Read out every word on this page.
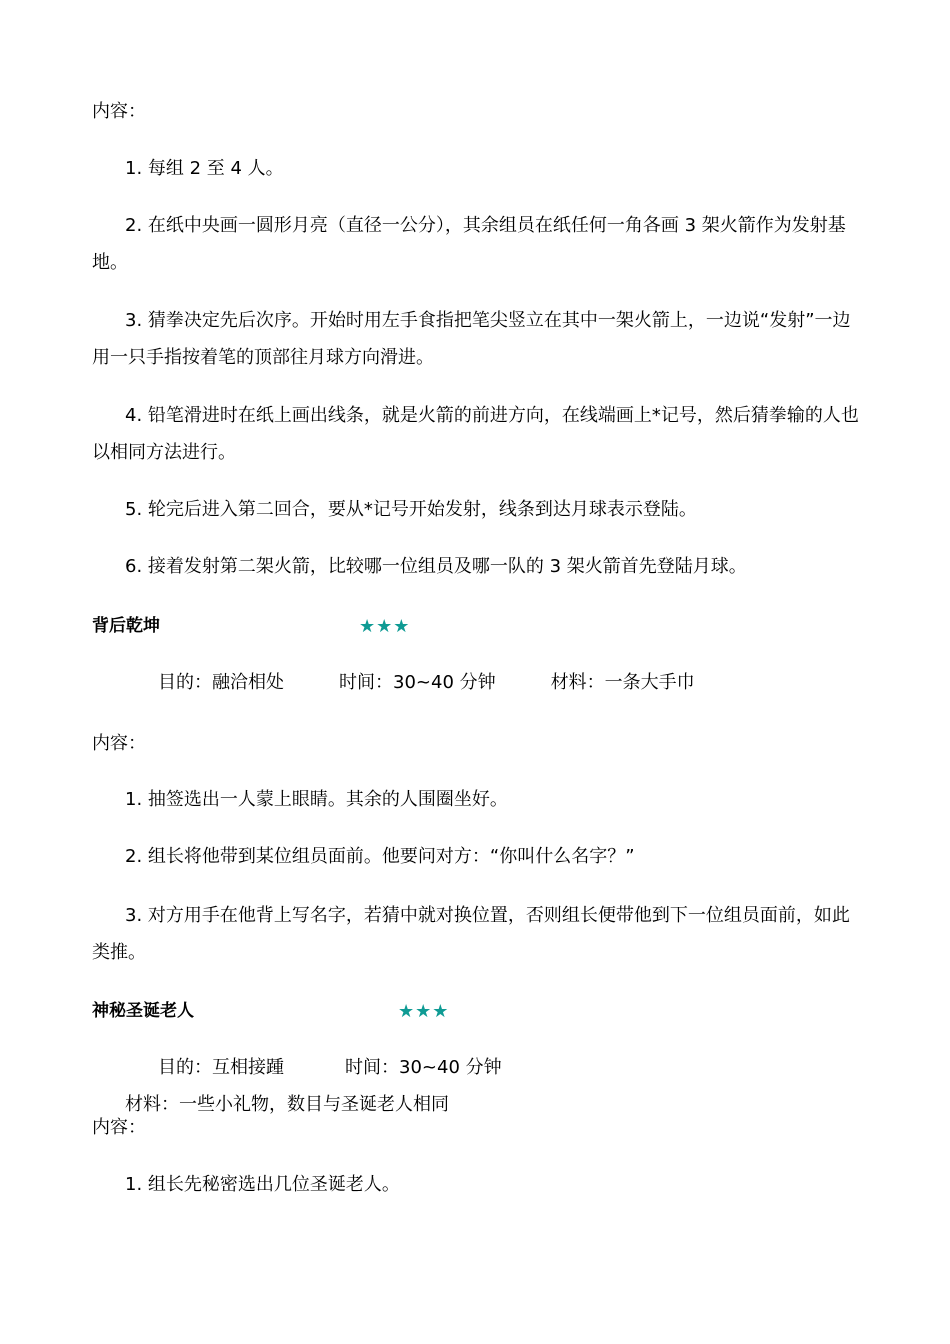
内容：

1. 每组 2 至 4 人。

2. 在纸中央画一圆形月亮（直径一公分），其余组员在纸任何一角各画 3 架火箭作为发射基地。

3. 猜拳决定先后次序。开始时用左手食指把笔尖竖立在其中一架火箭上，一边说“发射”一边用一只手指按着笔的顶部往月球方向滑进。

4. 铅笔滑进时在纸上画出线条，就是火箭的前进方向，在线端画上*记号，然后猜拳输的人也以相同方法进行。

5. 轮完后进入第二回合，要从*记号开始发射，线条到达月球表示登陆。

6. 接着发射第二架火箭，比较哪一位组员及哪一队的 3 架火箭首先登陆月球。

背后乾坤	★★★

目的：融洽相处	时间：30~40 分钟	材料：一条大手巾

内容：

1. 抽签选出一人蒙上眼睛。其余的人围圈坐好。

2. 组长将他带到某位组员面前。他要问对方：“你叫什么名字？”

3. 对方用手在他背上写名字，若猜中就对换位置，否则组长便带他到下一位组员面前，如此类推。

神秘圣诞老人	★★★

目的：互相接踵	时间：30~40 分钟材料：一些小礼物，数目与圣诞老人相同

内容：

1. 组长先秘密选出几位圣诞老人。
